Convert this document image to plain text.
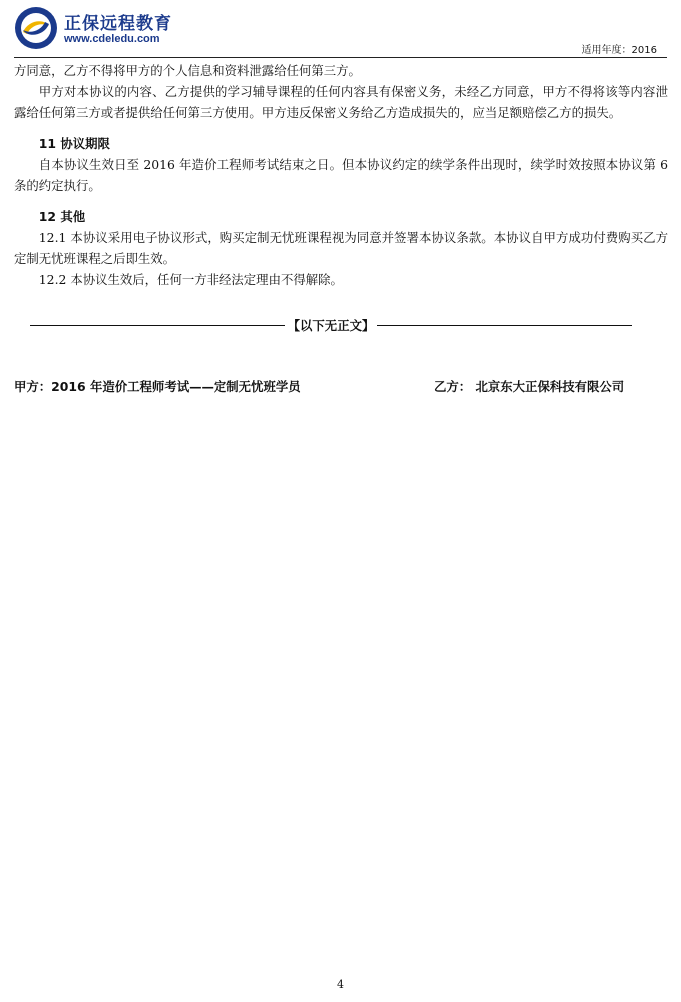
正保远程教育
www.cdeledu.com
适用年度：2016

方同意，乙方不得将甲方的个人信息和资料泄露给任何第三方。

甲方对本协议的内容、乙方提供的学习辅导课程的任何内容具有保密义务，未经乙方同意，甲方不得将该等内容泄露给任何第三方或者提供给任何第三方使用。甲方违反保密义务给乙方造成损失的，应当足额赔偿乙方的损失。

11 协议期限

自本协议生效日至 2016 年造价工程师考试结束之日。但本协议约定的续学条件出现时，续学时效按照本协议第 6 条的约定执行。

12 其他

12.1 本协议采用电子协议形式，购买定制无忧班课程视为同意并签署本协议条款。本协议自甲方成功付费购买乙方定制无忧班课程之后即生效。

12.2 本协议生效后，任何一方非经法定理由不得解除。

【以下无正文】
甲方：2016 年造价工程师考试——定制无忧班学员	乙方： 北京东大正保科技有限公司
4
